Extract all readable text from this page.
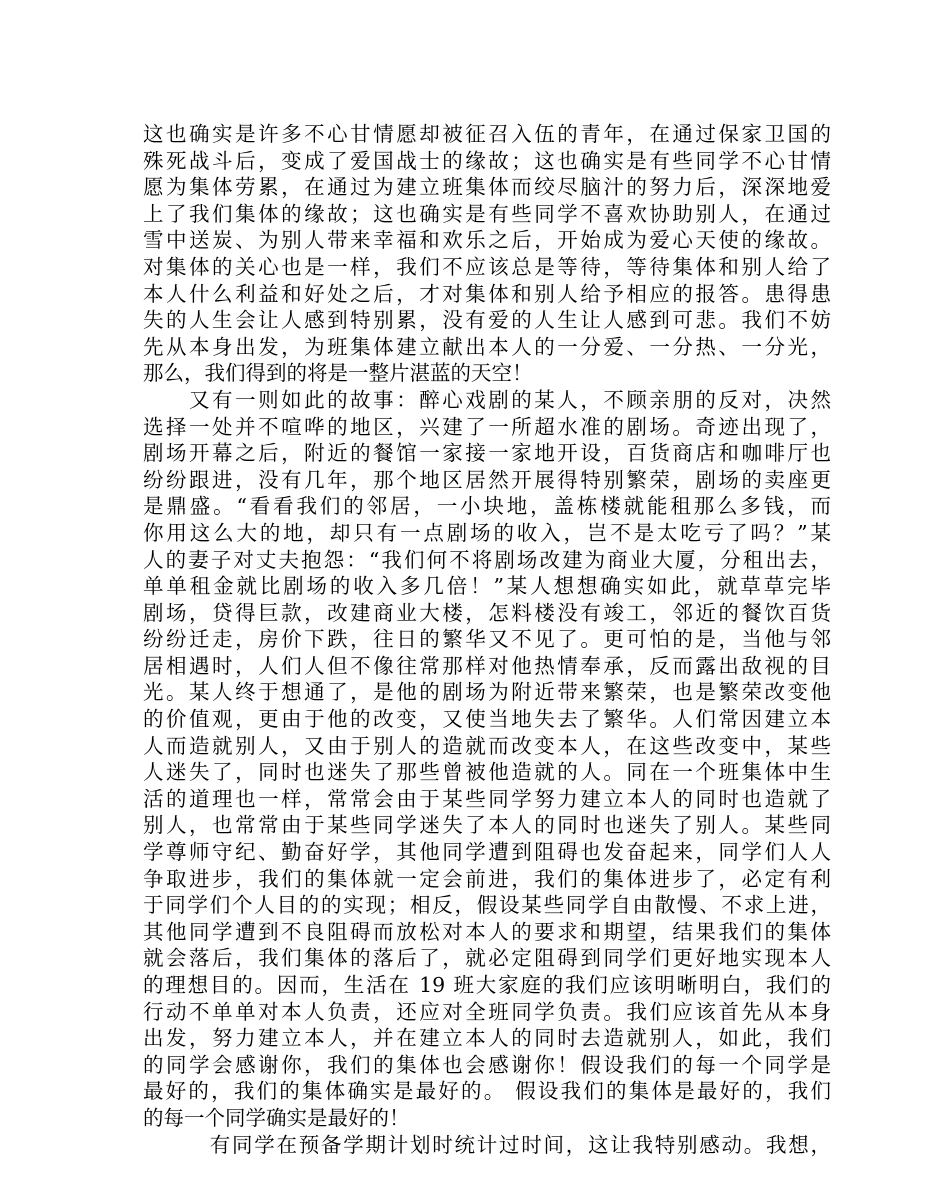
这也确实是许多不心甘情愿却被征召入伍的青年，在通过保家卫国的
殊死战斗后，变成了爱国战士的缘故；这也确实是有些同学不心甘情
愿为集体劳累，在通过为建立班集体而绞尽脑汁的努力后，深深地爱
上了我们集体的缘故；这也确实是有些同学不喜欢协助别人，在通过
雪中送炭、为别人带来幸福和欢乐之后，开始成为爱心天使的缘故。
对集体的关心也是一样，我们不应该总是等待，等待集体和别人给了
本人什么利益和好处之后，才对集体和别人给予相应的报答。患得患
失的人生会让人感到特别累，没有爱的人生让人感到可悲。我们不妨
先从本身出发，为班集体建立献出本人的一分爱、一分热、一分光，
那么，我们得到的将是一整片湛蓝的天空！
　　又有一则如此的故事：醉心戏剧的某人，不顾亲朋的反对，决然
选择一处并不喧哗的地区，兴建了一所超水准的剧场。奇迹出现了，
剧场开幕之后，附近的餐馆一家接一家地开设，百货商店和咖啡厅也
纷纷跟进，没有几年，那个地区居然开展得特别繁荣，剧场的卖座更
是鼎盛。“看看我们的邻居，一小块地，盖栋楼就能租那么多钱，而
你用这么大的地，却只有一点剧场的收入，岂不是太吃亏了吗？”某
人的妻子对丈夫抱怨：“我们何不将剧场改建为商业大厦，分租出去，
单单租金就比剧场的收入多几倍！”某人想想确实如此，就草草完毕
剧场，贷得巨款，改建商业大楼，怎料楼没有竣工，邻近的餐饮百货
纷纷迁走，房价下跌，往日的繁华又不见了。更可怕的是，当他与邻
居相遇时，人们人但不像往常那样对他热情奉承，反而露出敌视的目
光。某人终于想通了，是他的剧场为附近带来繁荣，也是繁荣改变他
的价值观，更由于他的改变，又使当地失去了繁华。人们常因建立本
人而造就别人，又由于别人的造就而改变本人，在这些改变中，某些
人迷失了，同时也迷失了那些曾被他造就的人。同在一个班集体中生
活的道理也一样，常常会由于某些同学努力建立本人的同时也造就了
别人，也常常由于某些同学迷失了本人的同时也迷失了别人。某些同
学尊师守纪、勤奋好学，其他同学遭到阻碍也发奋起来，同学们人人
争取进步，我们的集体就一定会前进，我们的集体进步了，必定有利
于同学们个人目的的实现；相反，假设某些同学自由散慢、不求上进，
其他同学遭到不良阻碍而放松对本人的要求和期望，结果我们的集体
就会落后，我们集体的落后了，就必定阻碍到同学们更好地实现本人
的理想目的。因而，生活在 19 班大家庭的我们应该明晰明白，我们的
行动不单单对本人负责，还应对全班同学负责。我们应该首先从本身
出发，努力建立本人，并在建立本人的同时去造就别人，如此，我们
的同学会感谢你，我们的集体也会感谢你！假设我们的每一个同学是
最好的，我们的集体确实是最好的。 假设我们的集体是最好的，我们
的每一个同学确实是最好的！
　　　有同学在预备学期计划时统计过时间，这让我特别感动。我想，
